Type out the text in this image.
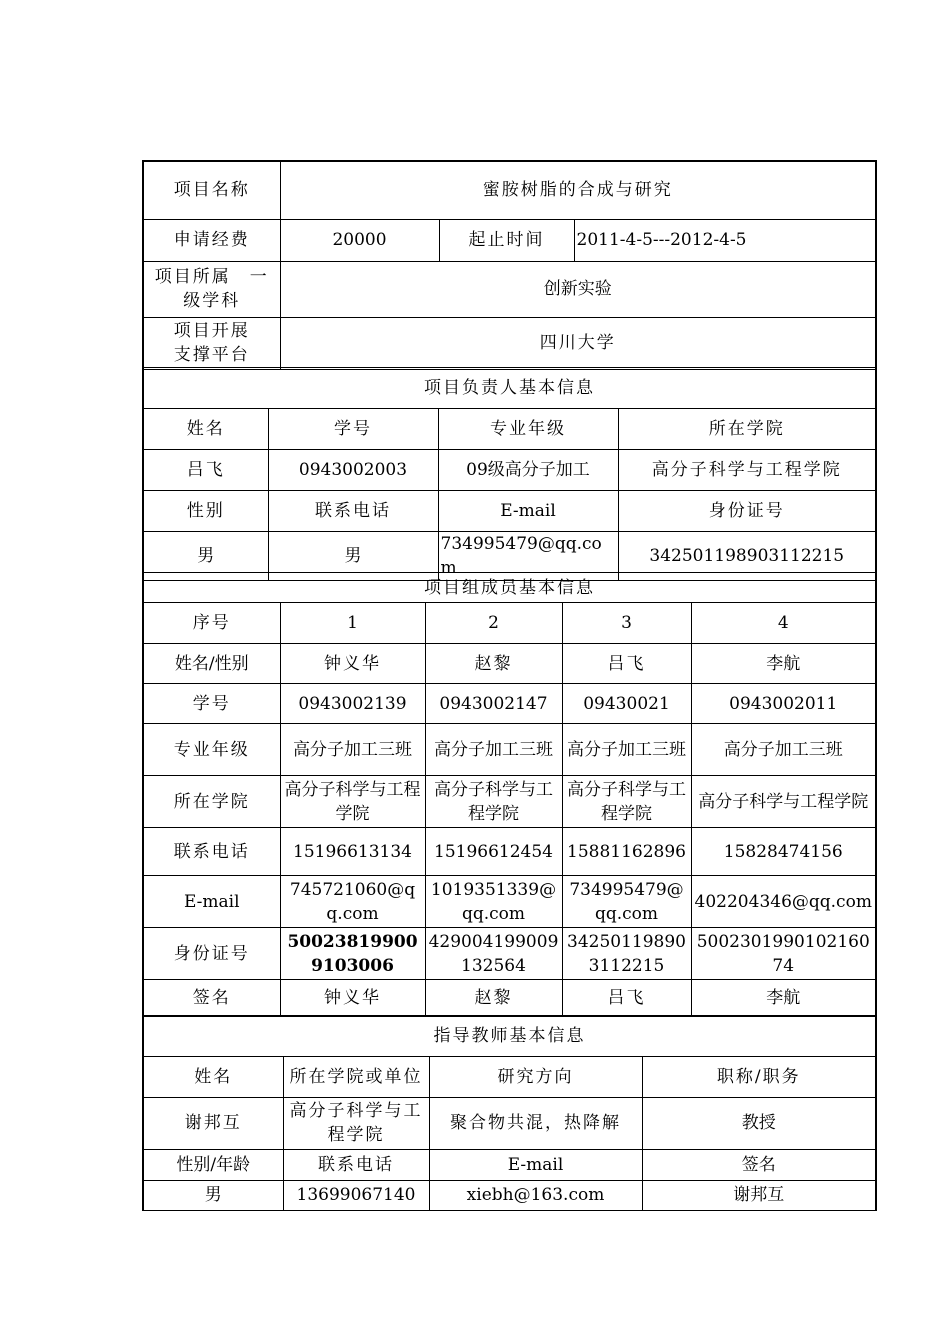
项目名称	蜜胺树脂的合成与研究		
申请经费	20000	起止时间	2011-4-5---2012-4-5

项目所属　一
级学科	创新实验		

项目开展
支撑平台	四川大学		
项目负责人基本信息			
姓名	学号	专业年级	所在学院
吕飞	0943002003	09级高分子加工	高分子科学与工程学院
性别	联系电话	E-mail	身份证号
男	男	734995479@qq.com	342501198903112215
项目组成员基本信息				
序号	1	2	3	4
姓名/性别	钟义华	赵黎	吕飞	李航
学号	0943002139	0943002147	09430021	0943002011
专业年级	高分子加工三班	高分子加工三班	高分子加工三班	高分子加工三班
所在学院	高分子科学与工程学院	高分子科学与工程学院	高分子科学与工程学院	高分子科学与工程学院
联系电话	15196613134	15196612454	15881162896	15828474156
E-mail	745721060@qq.com	1019351339@qq.com	734995479@qq.com	402204346@qq.com
身份证号	500238199009103006	429004199009132564	342501198903112215	500230199010216074
签名	钟义华	赵黎	吕飞	李航
指导教师基本信息			
姓名	所在学院或单位	研究方向	职称/职务
谢邦互	高分子科学与工程学院	聚合物共混，热降解	教授
性别/年龄	联系电话	E-mail	签名
男	13699067140	xiebh@163.com	谢邦互
